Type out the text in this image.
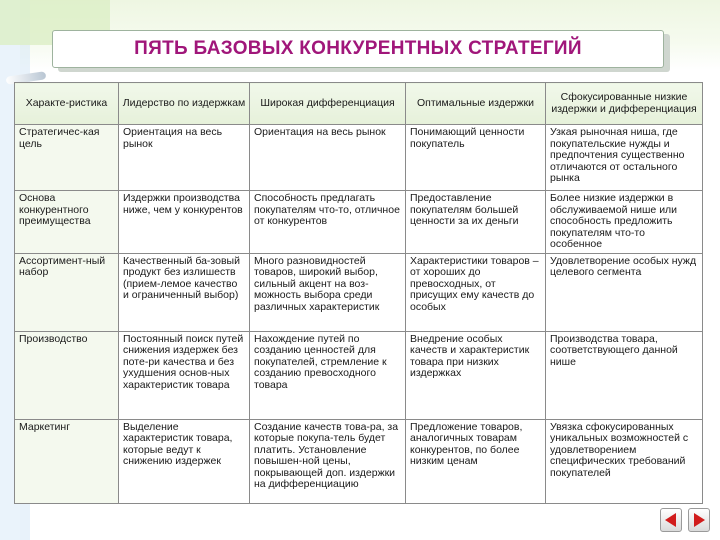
ПЯТЬ БАЗОВЫХ КОНКУРЕНТНЫХ СТРАТЕГИЙ
Характе-ристика	Лидерство по издержкам	Широкая дифференциация	Оптимальные издержки	Сфокусированные низкие издержки и дифференциация
Стратегичес-кая цель	Ориентация на весь рынок	Ориентация на весь рынок	Понимающий ценности покупатель	Узкая рыночная ниша, где покупательские нужды и предпочтения существенно отличаются от остального рынка
Основа конкурентного преимущества	Издержки производства ниже, чем у конкурентов	Способность предлагать покупателям что-то, отличное от конкурентов	Предоставление покупателям большей ценности за их деньги	Более низкие издержки в обслуживаемой нише или способность предложить покупателям что-то особенное
Ассортимент-ный набор	Качественный ба-зовый продукт без излишеств (прием-лемое качество и ограниченный выбор)	Много разновидностей товаров, широкий выбор, сильный акцент на воз-можность выбора среди различных характеристик	Характеристики товаров – от хороших до превосходных, от присущих ему качеств до особых	Удовлетворение особых нужд целевого сегмента
Производство	Постоянный поиск путей снижения издержек без поте-ри качества и без ухудшения основ-ных характеристик товара	Нахождение путей по созданию ценностей для покупателей, стремление к созданию превосходного товара	Внедрение особых качеств и характеристик товара при низких издержках	Производства товара, соответствующего данной нише
Маркетинг	Выделение характеристик товара, которые ведут к снижению издержек	Создание качеств това-ра, за которые покупа-тель будет платить. Установление повышен-ной цены, покрывающей доп. издержки на дифференциацию	Предложение товаров, аналогичных товарам конкурентов, по более низким ценам	Увязка сфокусированных уникальных возможностей с удовлетворением специфических требований покупателей
